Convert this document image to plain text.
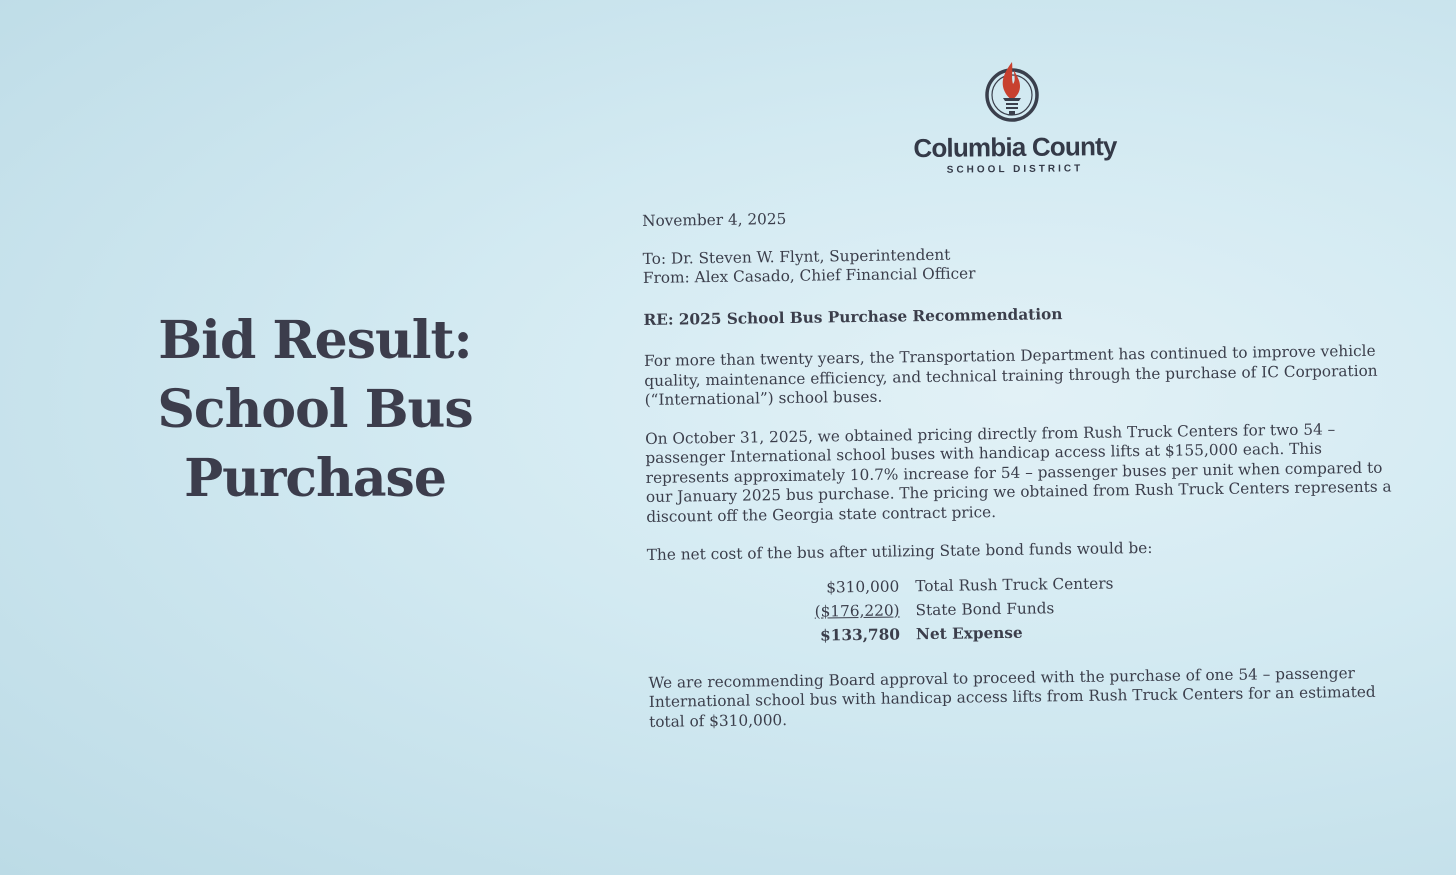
Bid Result:
School Bus
Purchase
Columbia County
SCHOOL DISTRICT

November 4, 2025

To: Dr. Steven W. Flynt, Superintendent
From: Alex Casado, Chief Financial Officer

RE: 2025 School Bus Purchase Recommendation

For more than twenty years, the Transportation Department has continued to improve vehicle quality, maintenance efficiency, and technical training through the purchase of IC Corporation (“International”) school buses.

On October 31, 2025, we obtained pricing directly from Rush Truck Centers for two 54 – passenger International school buses with handicap access lifts at $155,000 each. This represents approximately 10.7% increase for 54 – passenger buses per unit when compared to our January 2025 bus purchase. The pricing we obtained from Rush Truck Centers represents a discount off the Georgia state contract price.

The net cost of the bus after utilizing State bond funds would be:

$310,000	Total Rush Truck Centers
($176,220)	State Bond Funds
$133,780	Net Expense

We are recommending Board approval to proceed with the purchase of one 54 – passenger International school bus with handicap access lifts from Rush Truck Centers for an estimated total of $310,000.
